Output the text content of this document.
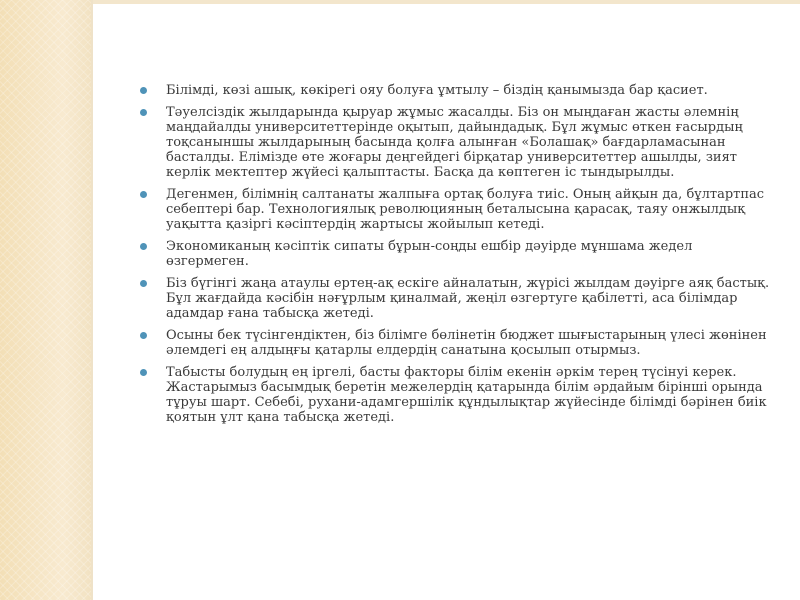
Білімді, көзі ашық, көкірегі ояу болуға ұмтылу – біздің қанымызда бар қасиет.
Тәуелсіздік жылдарында қыруар жұмыс жасалды. Біз он мыңдаған жасты әлемнің маңдайалды университеттерінде оқытып, дайындадық. Бұл жұмыс өткен ғасырдың тоқсаныншы жылдарының басында қолға алынған «Болашақ» бағдарламасынан басталды. Елімізде өте жоғары деңгейдегі бірқатар университеттер ашылды, зият керлік мектептер жүйесі қалыптасты. Басқа да көптеген іс тындырылды.
Дегенмен, білімнің салтанаты жалпыға ортақ болуға тиіс. Оның айқын да, бұлтартпас себептері бар. Технологиялық революцияның беталысына қарасақ, таяу онжылдық уақытта қазіргі кәсіптердің жартысы жойылып кетеді.
Экономиканың кәсіптік сипаты бұрын-соңды ешбір дәуірде мұншама жедел өзгермеген.
Біз бүгінгі жаңа атаулы ертең-ақ ескіге айналатын, жүрісі жылдам дәуірге аяқ бастық. Бұл жағдайда кәсібін нәғұрлым қиналмай, жеңіл өзгертуге қабілетті, аса білімдар адамдар ғана табысқа жетеді.
Осыны бек түсінгендіктен, біз білімге бөлінетін бюджет шығыстарының үлесі жөнінен әлемдегі ең алдыңғы қатарлы елдердің санатына қосылып отырмыз.
Табысты болудың ең іргелі, басты факторы білім екенін әркім терең түсінуі керек. Жастарымыз басымдық беретін межелердің қатарында білім әрдайым бірінші орында тұруы шарт. Себебі, рухани-адамгершілік құндылықтар жүйесінде білімді бәрінен биік қоятын ұлт қана табысқа жетеді.
